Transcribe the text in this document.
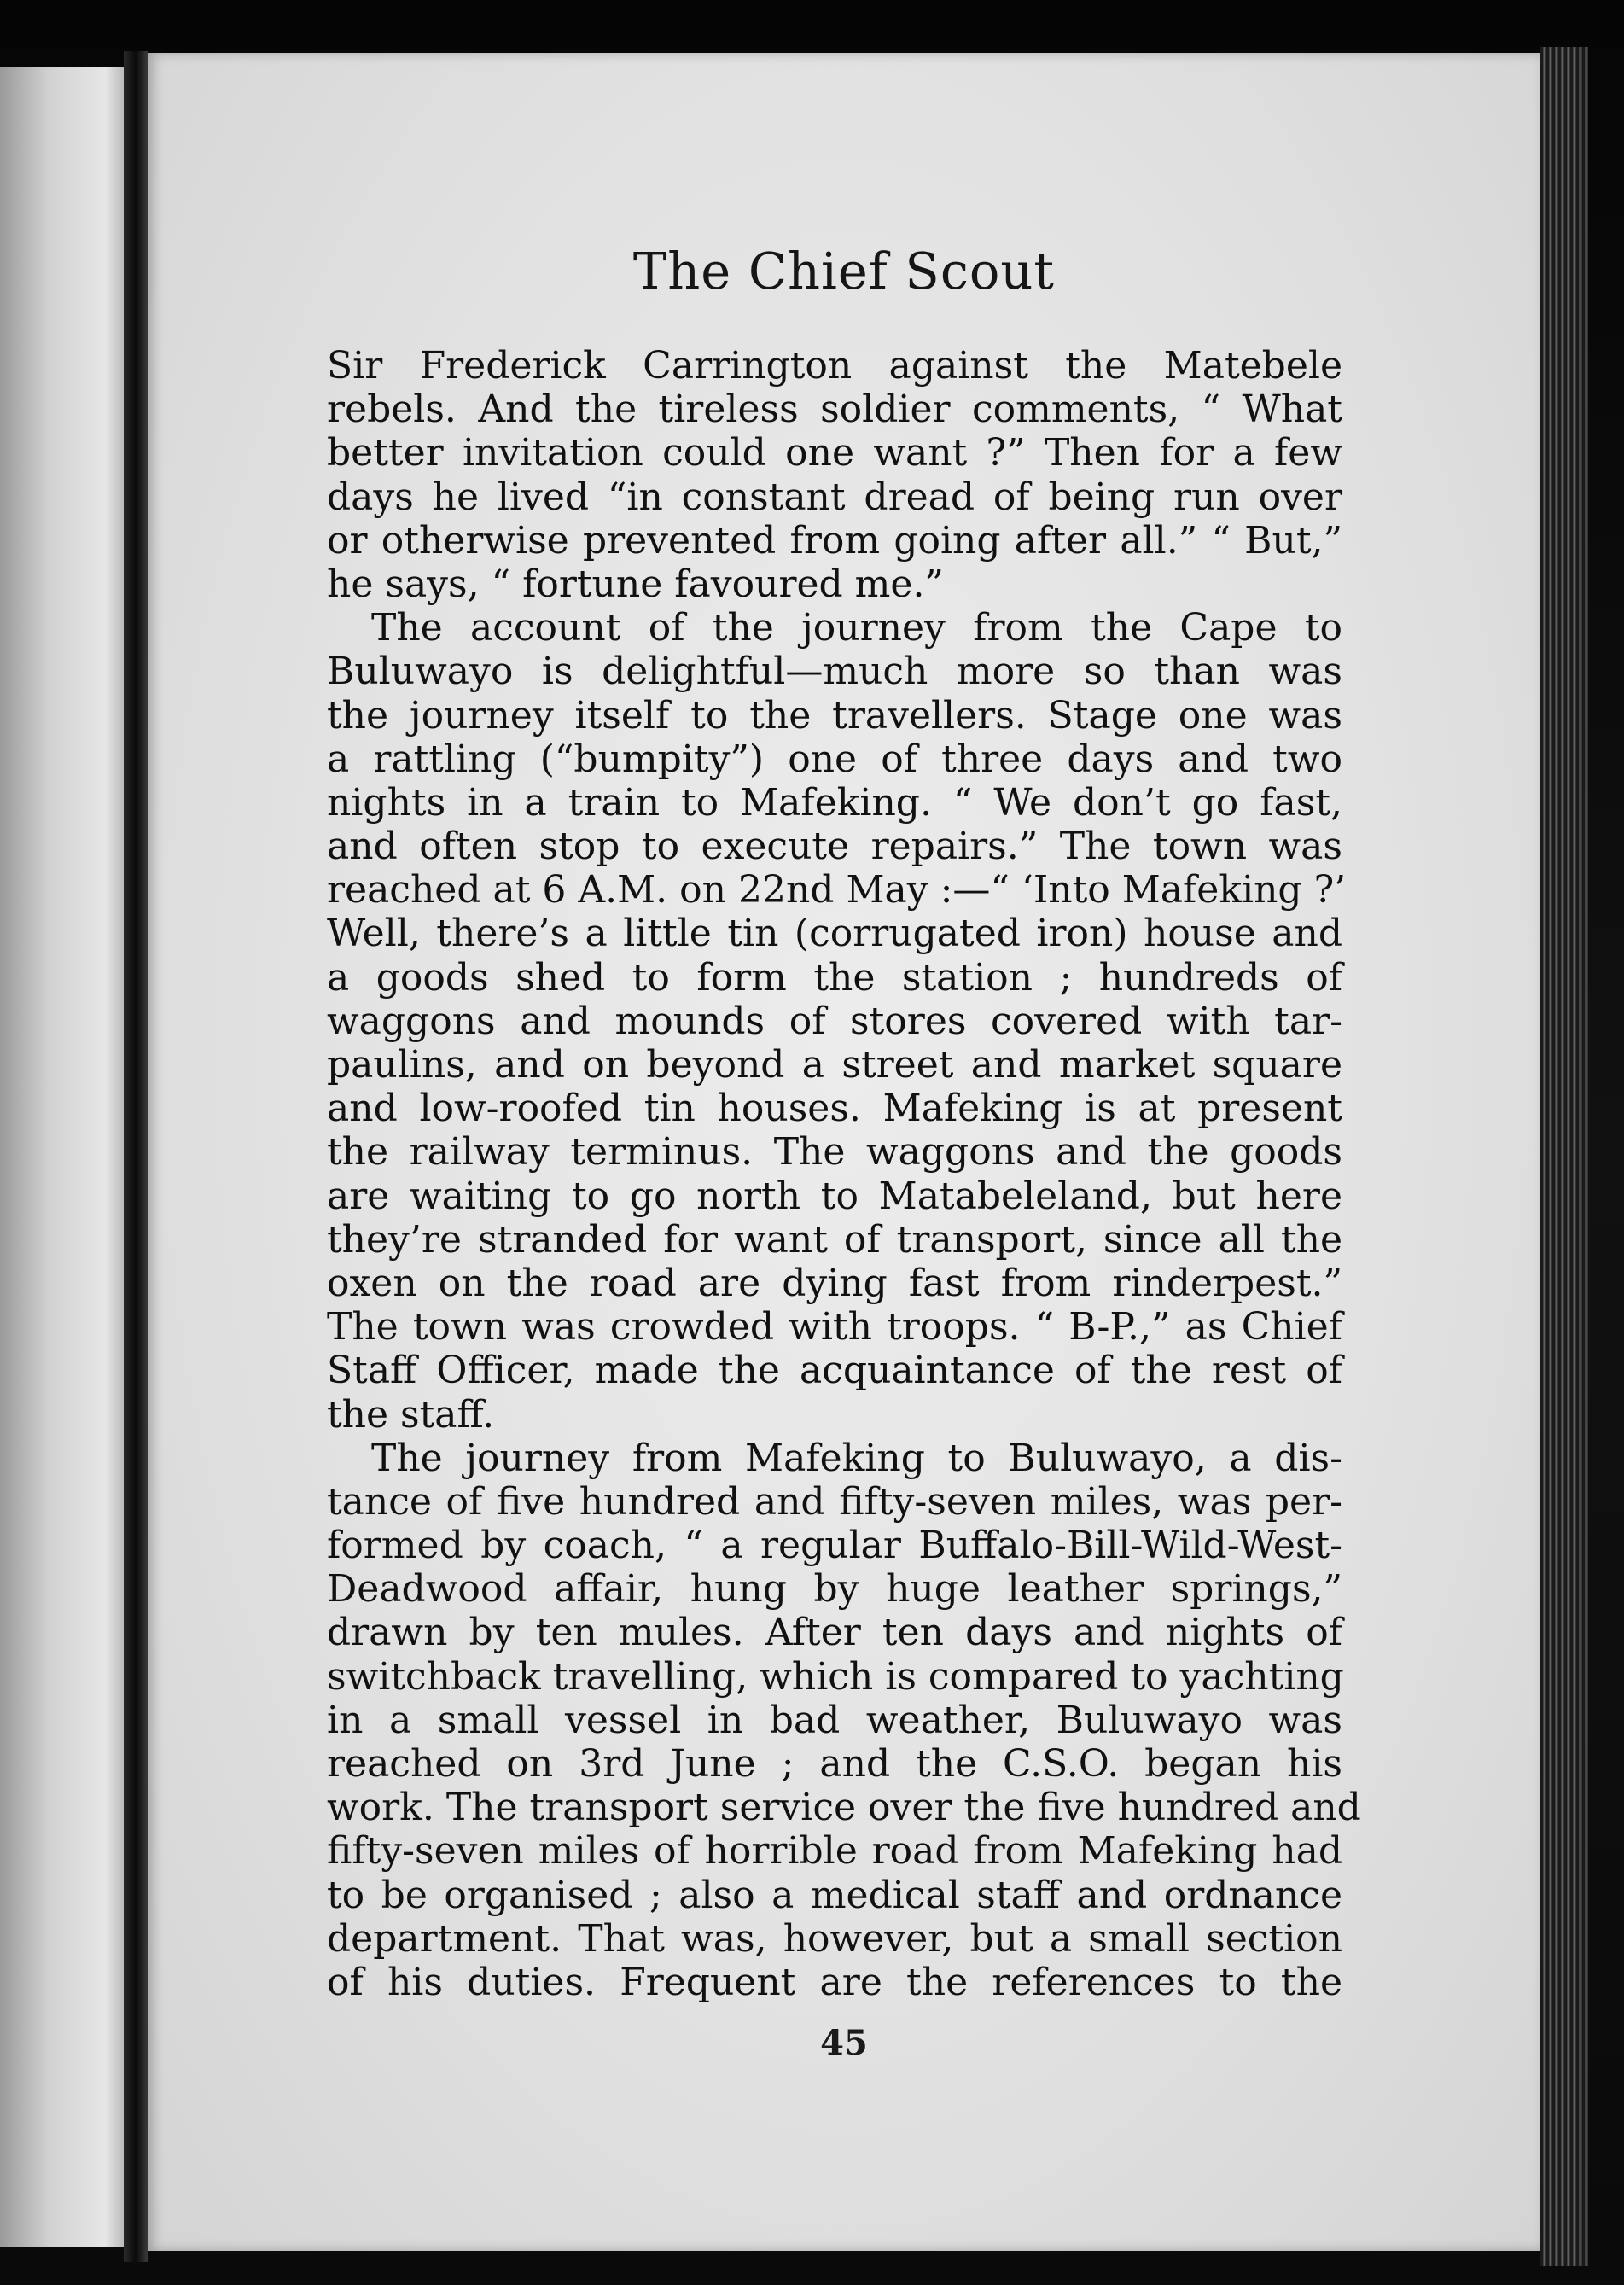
The Chief Scout
Sir Frederick Carrington against the Matebele
rebels. And the tireless soldier comments, “ What
better invitation could one want ?” Then for a few
days he lived “in constant dread of being run over
or otherwise prevented from going after all.” “ But,”
he says, “ fortune favoured me.”
The account of the journey from the Cape to
Buluwayo is delightful—much more so than was
the journey itself to the travellers. Stage one was
a rattling (“bumpity”) one of three days and two
nights in a train to Mafeking. “ We don’t go fast,
and often stop to execute repairs.” The town was
reached at 6 A.M. on 22nd May :—“ ‘Into Mafeking ?’
Well, there’s a little tin (corrugated iron) house and
a goods shed to form the station ; hundreds of
waggons and mounds of stores covered with tar-
paulins, and on beyond a street and market square
and low-roofed tin houses. Mafeking is at present
the railway terminus. The waggons and the goods
are waiting to go north to Matabeleland, but here
they’re stranded for want of transport, since all the
oxen on the road are dying fast from rinderpest.”
The town was crowded with troops. “ B-P.,” as Chief
Staff Officer, made the acquaintance of the rest of
the staff.
The journey from Mafeking to Buluwayo, a dis-
tance of five hundred and fifty-seven miles, was per-
formed by coach, “ a regular Buffalo-Bill-Wild-West-
Deadwood affair, hung by huge leather springs,”
drawn by ten mules. After ten days and nights of
switchback travelling, which is compared to yachting
in a small vessel in bad weather, Buluwayo was
reached on 3rd June ; and the C.S.O. began his
work. The transport service over the five hundred and
fifty-seven miles of horrible road from Mafeking had
to be organised ; also a medical staff and ordnance
department. That was, however, but a small section
of his duties. Frequent are the references to the
45
